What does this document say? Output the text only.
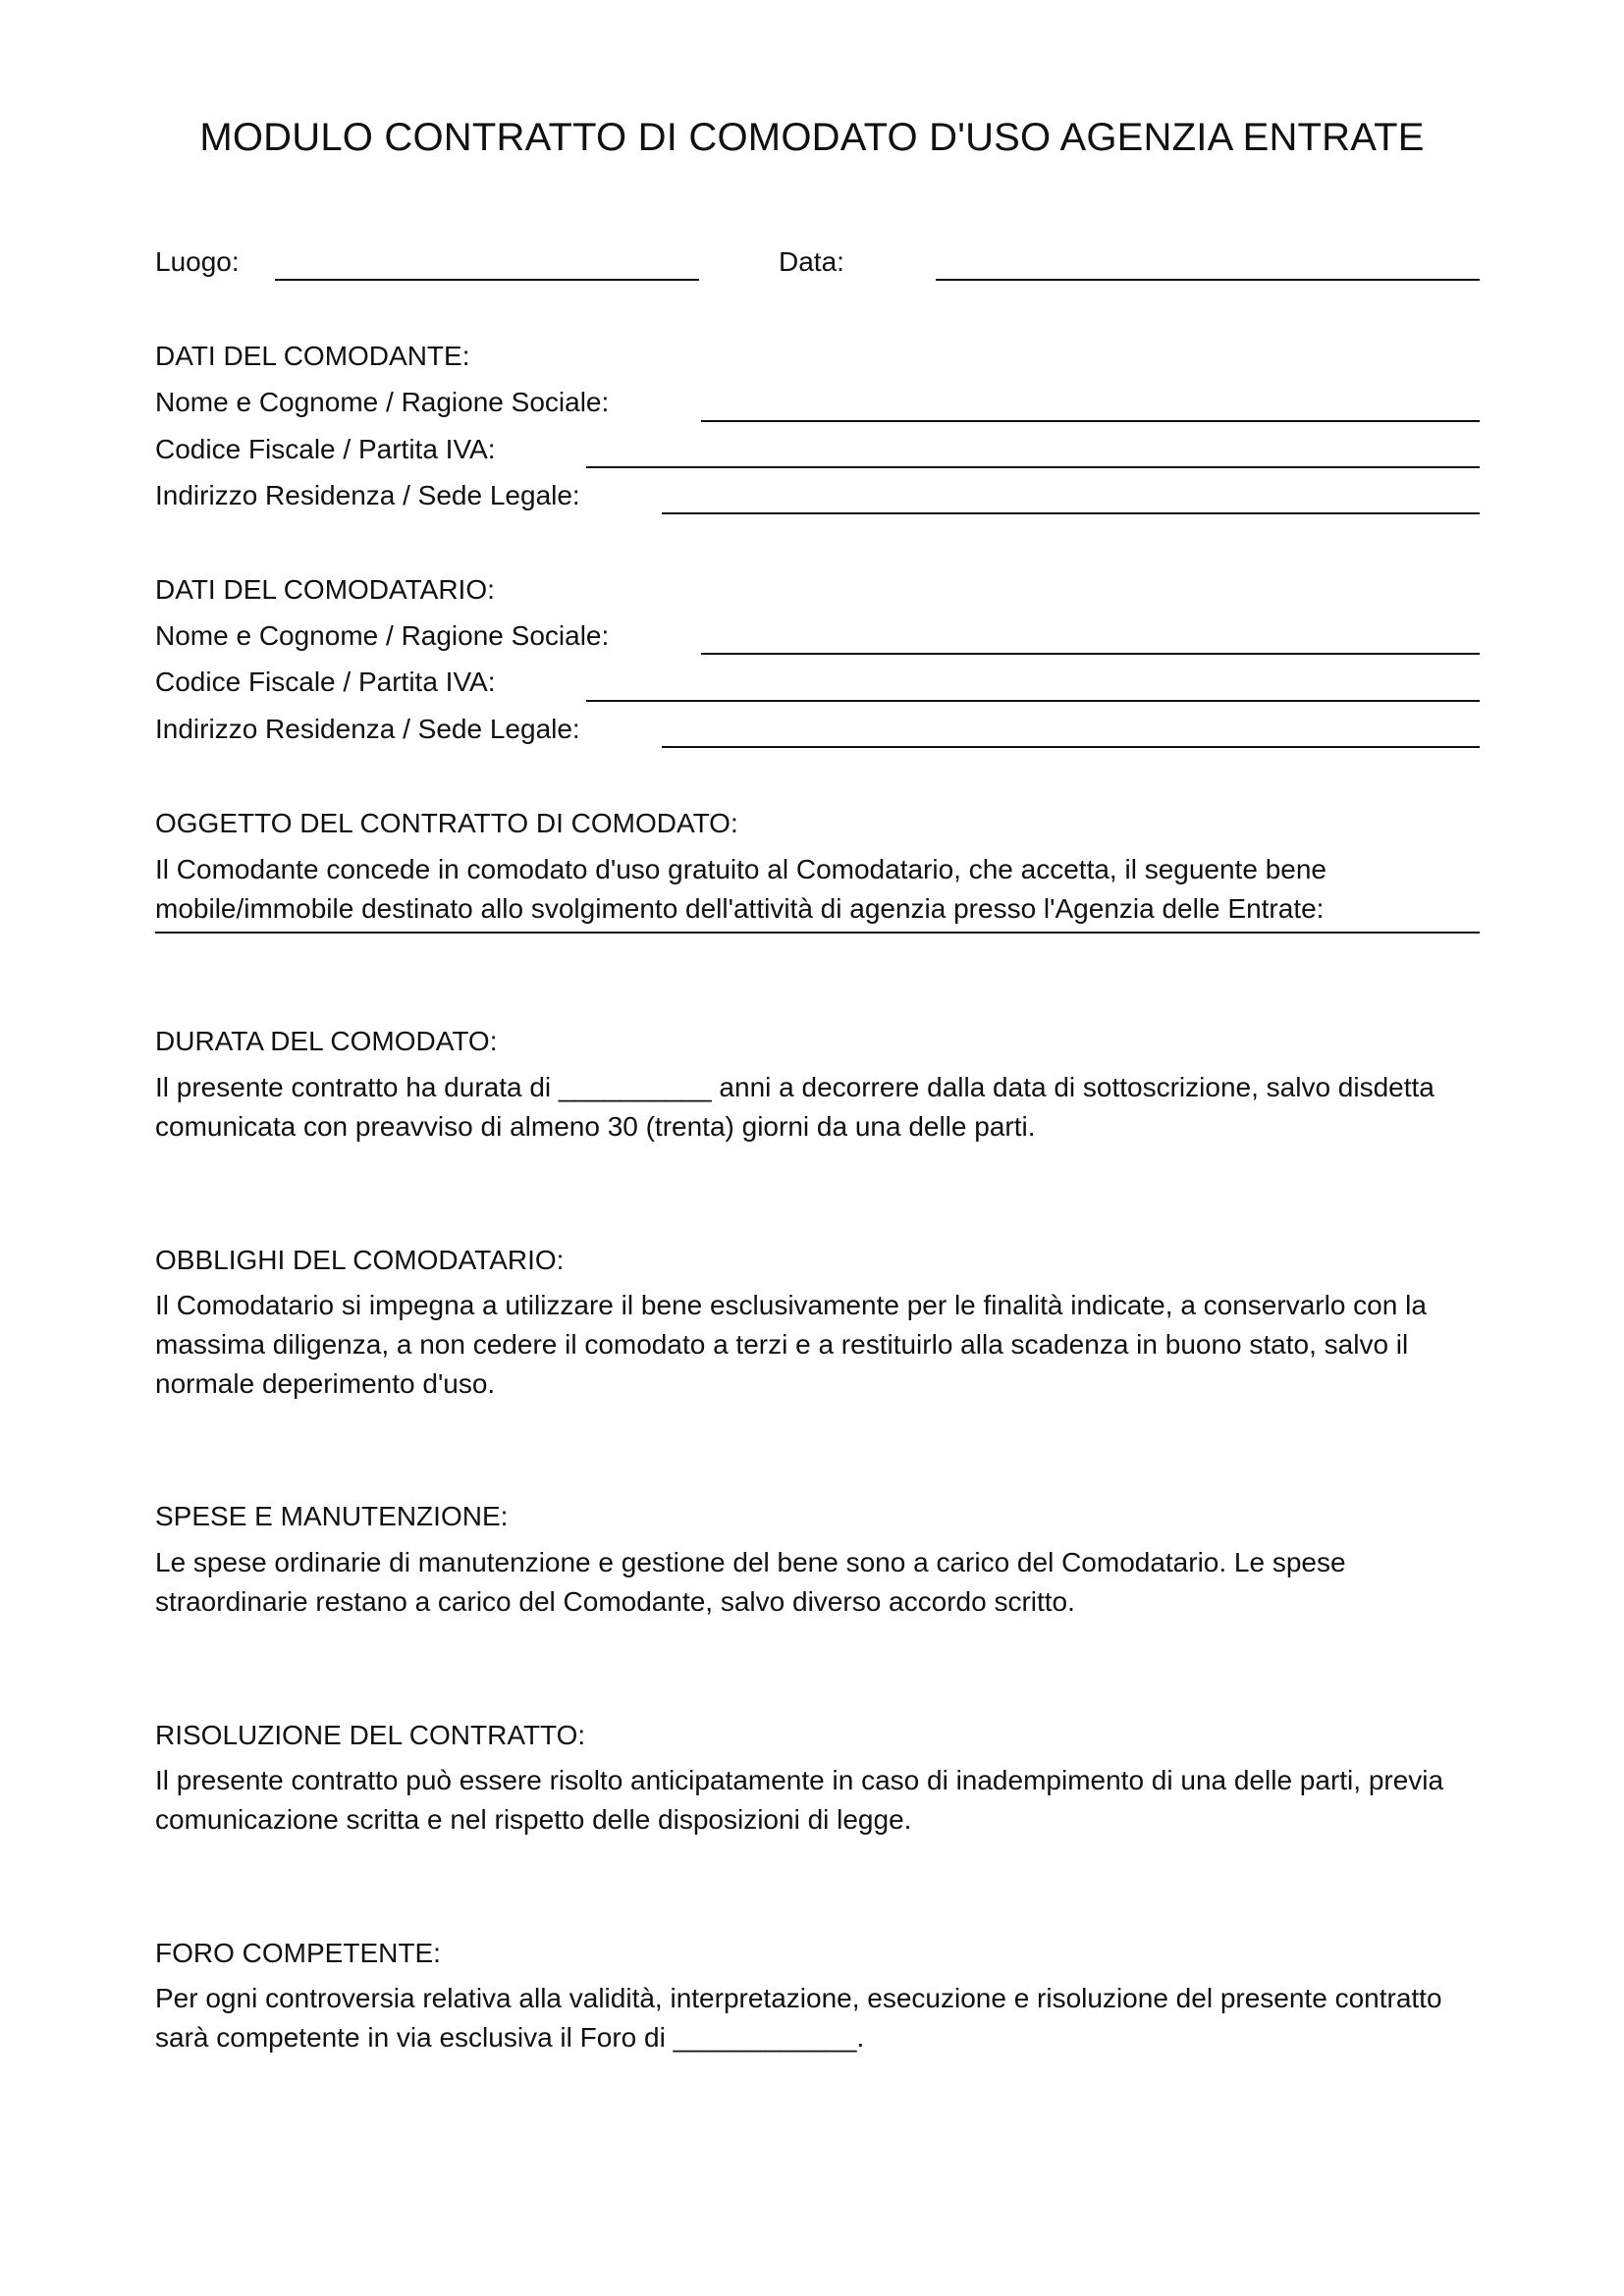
MODULO CONTRATTO DI COMODATO D'USO AGENZIA ENTRATE
Luogo:	Data:
DATI DEL COMODANTE:
Nome e Cognome / Ragione Sociale:
Codice Fiscale / Partita IVA:
Indirizzo Residenza / Sede Legale:
DATI DEL COMODATARIO:
Nome e Cognome / Ragione Sociale:
Codice Fiscale / Partita IVA:
Indirizzo Residenza / Sede Legale:
OGGETTO DEL CONTRATTO DI COMODATO:
Il Comodante concede in comodato d'uso gratuito al Comodatario, che accetta, il seguente bene mobile/immobile destinato allo svolgimento dell'attività di agenzia presso l'Agenzia delle Entrate:
DURATA DEL COMODATO:
Il presente contratto ha durata di __________ anni a decorrere dalla data di sottoscrizione, salvo disdetta comunicata con preavviso di almeno 30 (trenta) giorni da una delle parti.
OBBLIGHI DEL COMODATARIO:
Il Comodatario si impegna a utilizzare il bene esclusivamente per le finalità indicate, a conservarlo con la massima diligenza, a non cedere il comodato a terzi e a restituirlo alla scadenza in buono stato, salvo il normale deperimento d'uso.
SPESE E MANUTENZIONE:
Le spese ordinarie di manutenzione e gestione del bene sono a carico del Comodatario. Le spese straordinarie restano a carico del Comodante, salvo diverso accordo scritto.
RISOLUZIONE DEL CONTRATTO:
Il presente contratto può essere risolto anticipatamente in caso di inadempimento di una delle parti, previa comunicazione scritta e nel rispetto delle disposizioni di legge.
FORO COMPETENTE:
Per ogni controversia relativa alla validità, interpretazione, esecuzione e risoluzione del presente contratto sarà competente in via esclusiva il Foro di ____________.
